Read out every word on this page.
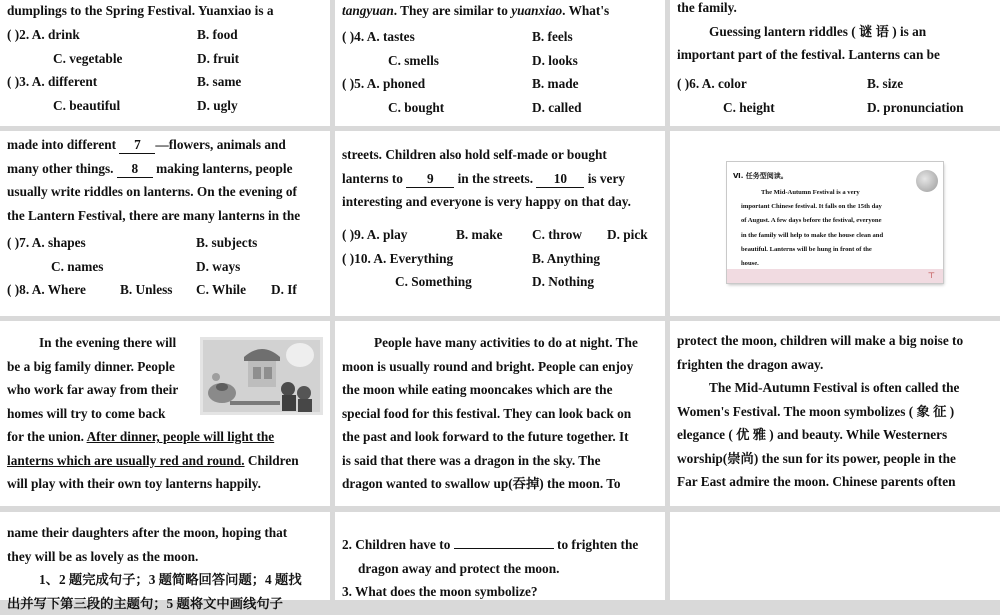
dumplings to the Spring Festival. Yuanxiao is a

( )2. A. drink	B. food
C. vegetable	D. fruit
( )3. A. different	B. same
C. beautiful	D. ugly

tangyuan. They are similar to yuanxiao. What's

( )4. A. tastes	B. feels
C. smells	D. looks
( )5. A. phoned	B. made
C. bought	D. called

the family.
Guessing lantern riddles ( 谜 语 ) is an
important part of the festival. Lanterns can be

( )6. A. color	B. size
C. height	D. pronunciation

made into different 7 —flowers, animals and
many other things. 8 making lanterns, people
usually write riddles on lanterns. On the evening of
the Lantern Festival, there are many lanterns in the

( )7. A. shapes	B. subjects
C. names	D. ways
( )8. A. Where	B. Unless C. While D. If

streets. Children also hold self-made or bought
lanterns to 9 in the streets. 10 is very
interesting and everyone is very happy on that day.

( )9. A. play	B. make C. throw D. pick
( )10. A. Everything	B. Anything
C. Something	D. Nothing
Ⅵ. 任务型阅读。
The Mid-Autumn Festival is a very
important Chinese festival. It falls on the 15th day
of August. A few days before the festival, everyone
in the family will help to make the house clean and
beautiful. Lanterns will be hung in front of the
house.
⊤

In the evening there will
be a big family dinner. People
who work far away from their
homes will try to come back
for the union. After dinner, people will light the
lanterns which are usually red and round. Children
will play with their own toy lanterns happily.

People have many activities to do at night. The
moon is usually round and bright. People can enjoy
the moon while eating mooncakes which are the
special food for this festival. They can look back on
the past and look forward to the future together. It
is said that there was a dragon in the sky. The
dragon wanted to swallow up(吞掉) the moon. To

protect the moon, children will make a big noise to
frighten the dragon away.
The Mid-Autumn Festival is often called the
Women's Festival. The moon symbolizes ( 象 征 )
elegance ( 优 雅 ) and beauty. While Westerners
worship(崇尚) the sun for its power, people in the
Far East admire the moon. Chinese parents often

name their daughters after the moon, hoping that
they will be as lovely as the moon.
1、2 题完成句子；3 题简略回答问题；4 题找
出并写下第三段的主题句；5 题将文中画线句子

2. Children have to	to frighten the
dragon away and protect the moon.
3. What does the moon symbolize?
